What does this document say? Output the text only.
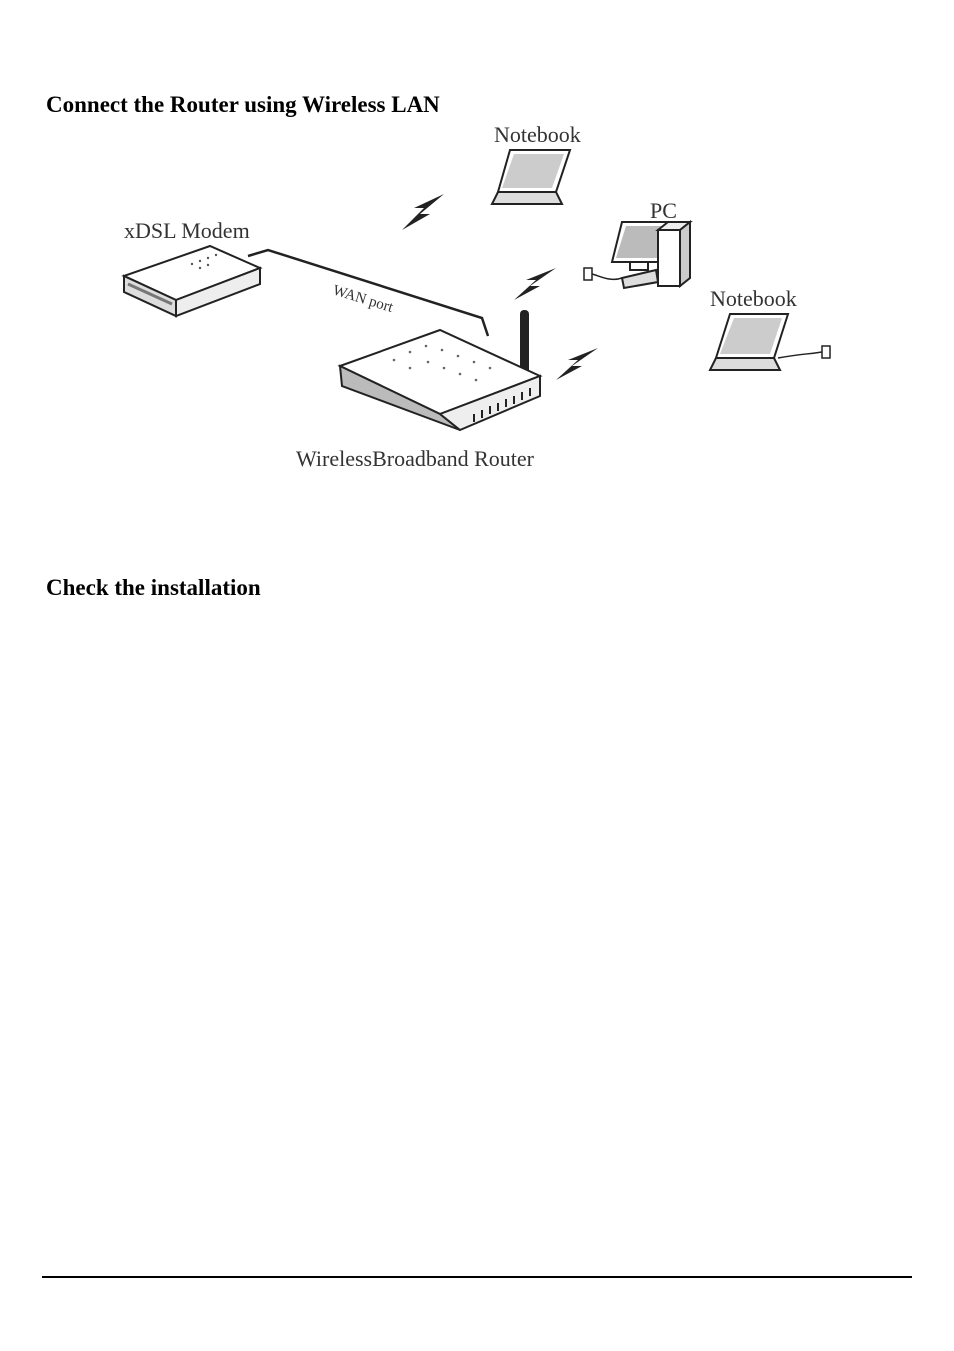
Connect the Router using Wireless LAN
Notebook
PC
Notebook
xDSL Modem
WAN port
WirelessBroadband Router
Check the installation
